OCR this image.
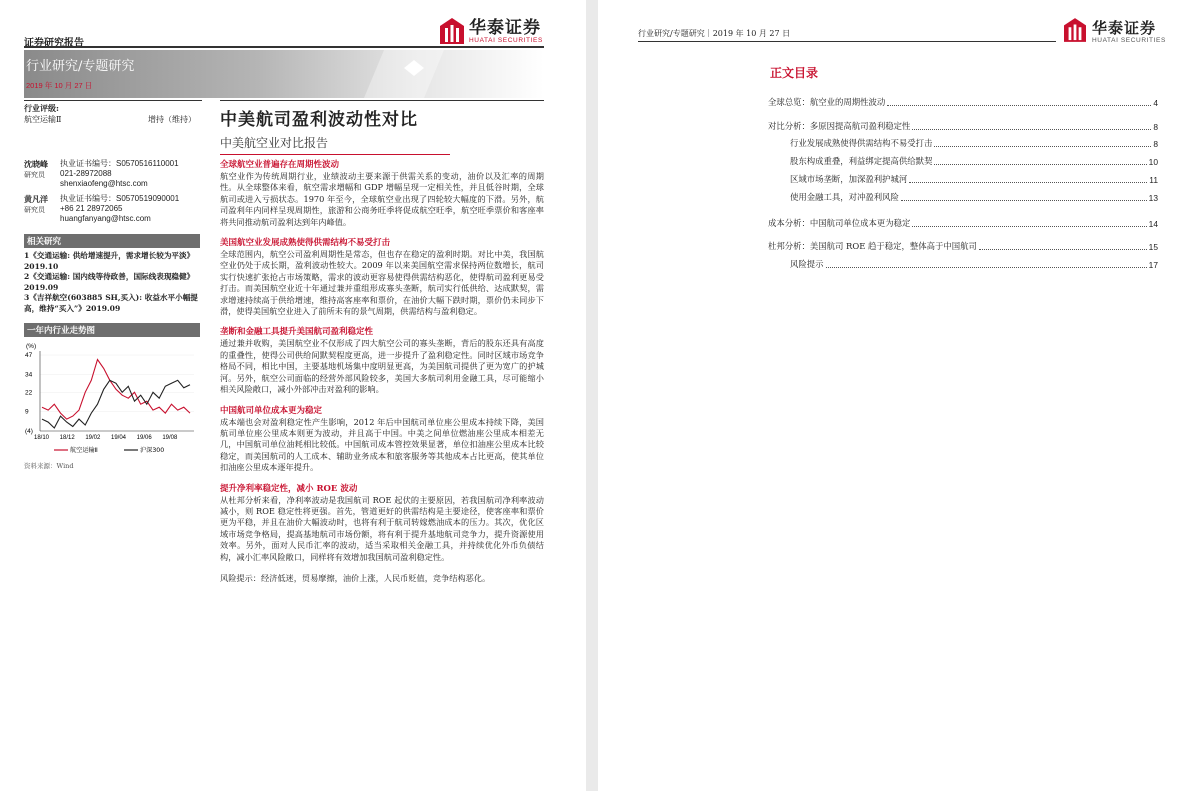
证券研究报告
华泰证券
HUATAI SECURITIES
行业研究/专题研究
2019 年 10 月 27 日
行业评级:
航空运输Ⅱ	增持（维持）
沈晓峰
研究员
执业证书编号：S0570516110001
021-28972088
shenxiaofeng@htsc.com
黄凡洋
研究员
执业证书编号：S0570519090001
+86 21 28972065
huangfanyang@htsc.com
相关研究
1《交通运输: 供给增速提升，需求增长较为平淡》2019.10
2《交通运输: 国内线等待政善，国际线表现稳健》2019.09
3《吉祥航空(603885 SH,买入): 收益水平小幅提高，维持“买入”》2019.09
一年内行业走势图
(%)
47
34
22
9
(4)
18/10 18/12 19/02 19/04 19/06 19/08
航空运输Ⅱ	沪深300
资料来源：Wind
中美航司盈利波动性对比
中美航空业对比报告
全球航空业普遍存在周期性波动
航空业作为传统周期行业，业绩波动主要来源于供需关系的变动，油价以及汇率的周期性。从全球整体来看，航空需求增幅和 GDP 增幅呈现一定相关性，并且低谷时期，全球航司或进入亏损状态。1970 年至今，全球航空业出现了四轮较大幅度的下滑。另外，航司盈利年内同样呈现周期性，旅游和公商务旺季将促成航空旺季，航空旺季票价和客座率将共同推动航司盈利达到年内峰值。
美国航空业发展成熟使得供需结构不易受打击
全球范围内，航空公司盈利周期性是常态，但也存在稳定的盈利时期。对比中美，我国航空业仍处于成长期，盈利波动性较大。2009 年以来美国航空需求保持两位数增长，航司实行快速扩张抢占市场策略，需求的波动更容易使得供需结构恶化，使得航司盈利更易受打击。而美国航空业近十年通过兼并重组形成寡头垄断，航司实行低供给、达成默契，需求增速持续高于供给增速，维持高客座率和票价，在油价大幅下跌时期，票价仍未同步下滑，使得美国航空业进入了前所未有的景气周期，供需结构与盈利稳定。
垄断和金融工具提升美国航司盈利稳定性
通过兼并收购，美国航空业不仅形成了四大航空公司的寡头垄断，背后的股东还具有高度的重叠性，使得公司供给间默契程度更高，进一步提升了盈利稳定性。同时区域市场竞争格局不同，相比中国，主要基地机场集中度明显更高，为美国航司提供了更为宽广的护城河。另外，航空公司面临的经营外部风险较多，美国大多航司利用金融工具，尽可能缩小相关风险敞口，减小外部冲击对盈利的影响。
中国航司单位成本更为稳定
成本端也会对盈利稳定性产生影响，2012 年后中国航司单位座公里成本持续下降，美国航司单位座公里成本则更为波动，并且高于中国。中美之间单位燃油座公里成本相差无几，中国航司单位油耗相比较低。中国航司成本管控效果显著，单位扣油座公里成本比较稳定，而美国航司的人工成本、辅助业务成本和旅客服务等其他成本占比更高，使其单位扣油座公里成本逐年提升。
提升净利率稳定性，减小 ROE 波动
从杜邦分析来看，净利率波动是我国航司 ROE 起伏的主要原因，若我国航司净利率波动减小，则 ROE 稳定性将更强。首先，管道更好的供需结构是主要途径，使客座率和票价更为平稳，并且在油价大幅波动时，也将有利于航司转嫁燃油成本的压力。其次，优化区域市场竞争格局，提高基地航司市场份额，将有利于提升基地航司竞争力，提升资源使用效率。另外，面对人民币汇率的波动，适当采取相关金融工具，并持续优化外币负债结构，减小汇率风险敞口，同样将有效增加我国航司盈利稳定性。
风险提示：经济低迷，贸易摩擦，油价上涨，人民币贬值，竞争结构恶化。
行业研究/专题研究｜2019 年 10 月 27 日	华泰证券
HUATAI SECURITIES
正文目录
全球总览：航空业的周期性波动	4
对比分析：多原因提高航司盈利稳定性	8
行业发展成熟使得供需结构不易受打击	8
股东构成重叠，利益绑定提高供给默契	10
区域市场垄断，加深盈利护城河	11
使用金融工具，对冲盈利风险	13
成本分析：中国航司单位成本更为稳定	14
杜邦分析：美国航司 ROE 趋于稳定，整体高于中国航司	15
风险提示	17
